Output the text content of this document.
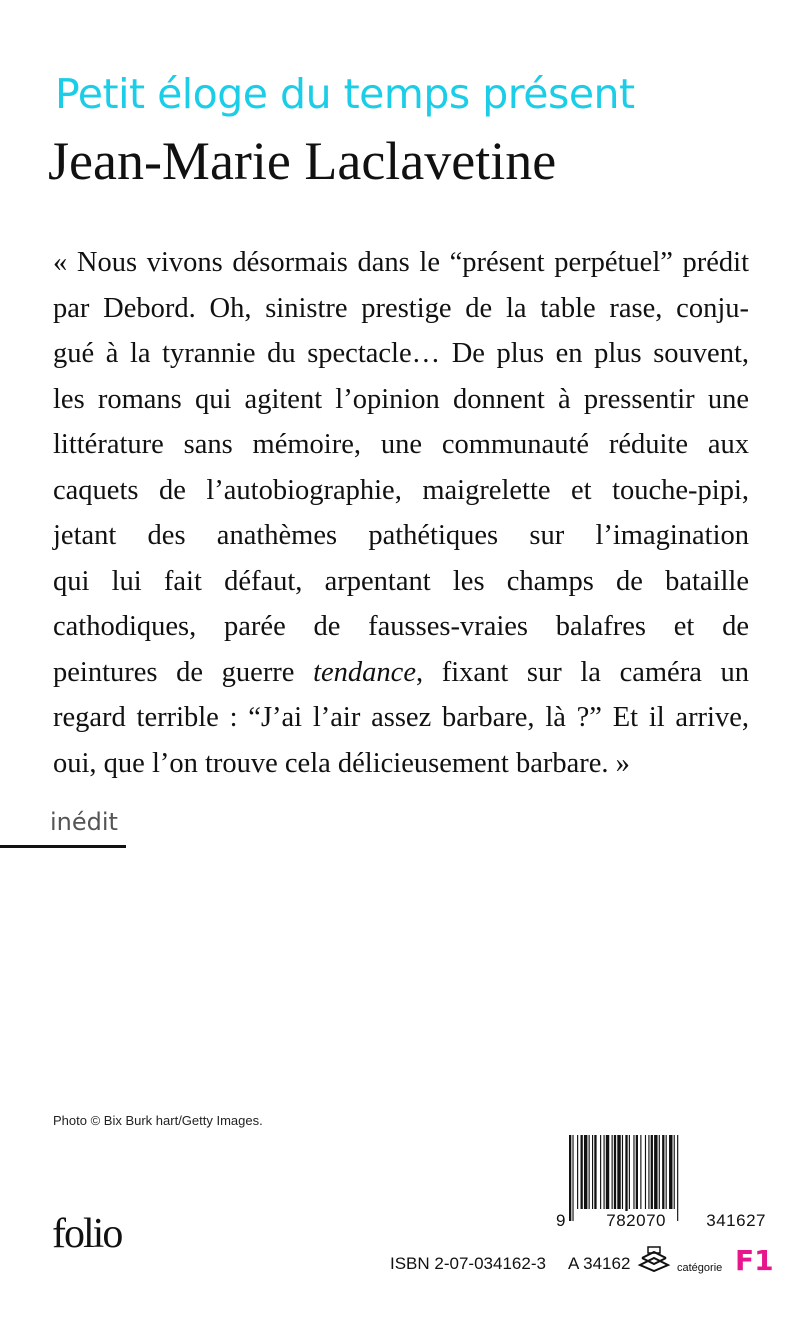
Petit éloge du temps présent
Jean-Marie Laclavetine

« Nous vivons désormais dans le “présent perpétuel” prédit
par Debord. Oh, sinistre prestige de la table rase, conju-
gué à la tyrannie du spectacle… De plus en plus souvent,
les romans qui agitent l’opinion donnent à pressentir une
littérature sans mémoire, une communauté réduite aux
caquets de l’autobiographie, maigrelette et touche-pipi,
jetant des anathèmes pathétiques sur l’imagination
qui lui fait défaut, arpentant les champs de bataille
cathodiques, parée de fausses-vraies balafres et de
peintures de guerre tendance, fixant sur la caméra un
regard terrible : “J’ai l’air assez barbare, là ?” Et il arrive,
oui, que l’on trouve cela délicieusement barbare. »

inédit
Photo © Bix Burk hart/Getty Images.
folio	9 782070 341627
ISBN 2-07-034162-3 A 34162	catégorie F1
